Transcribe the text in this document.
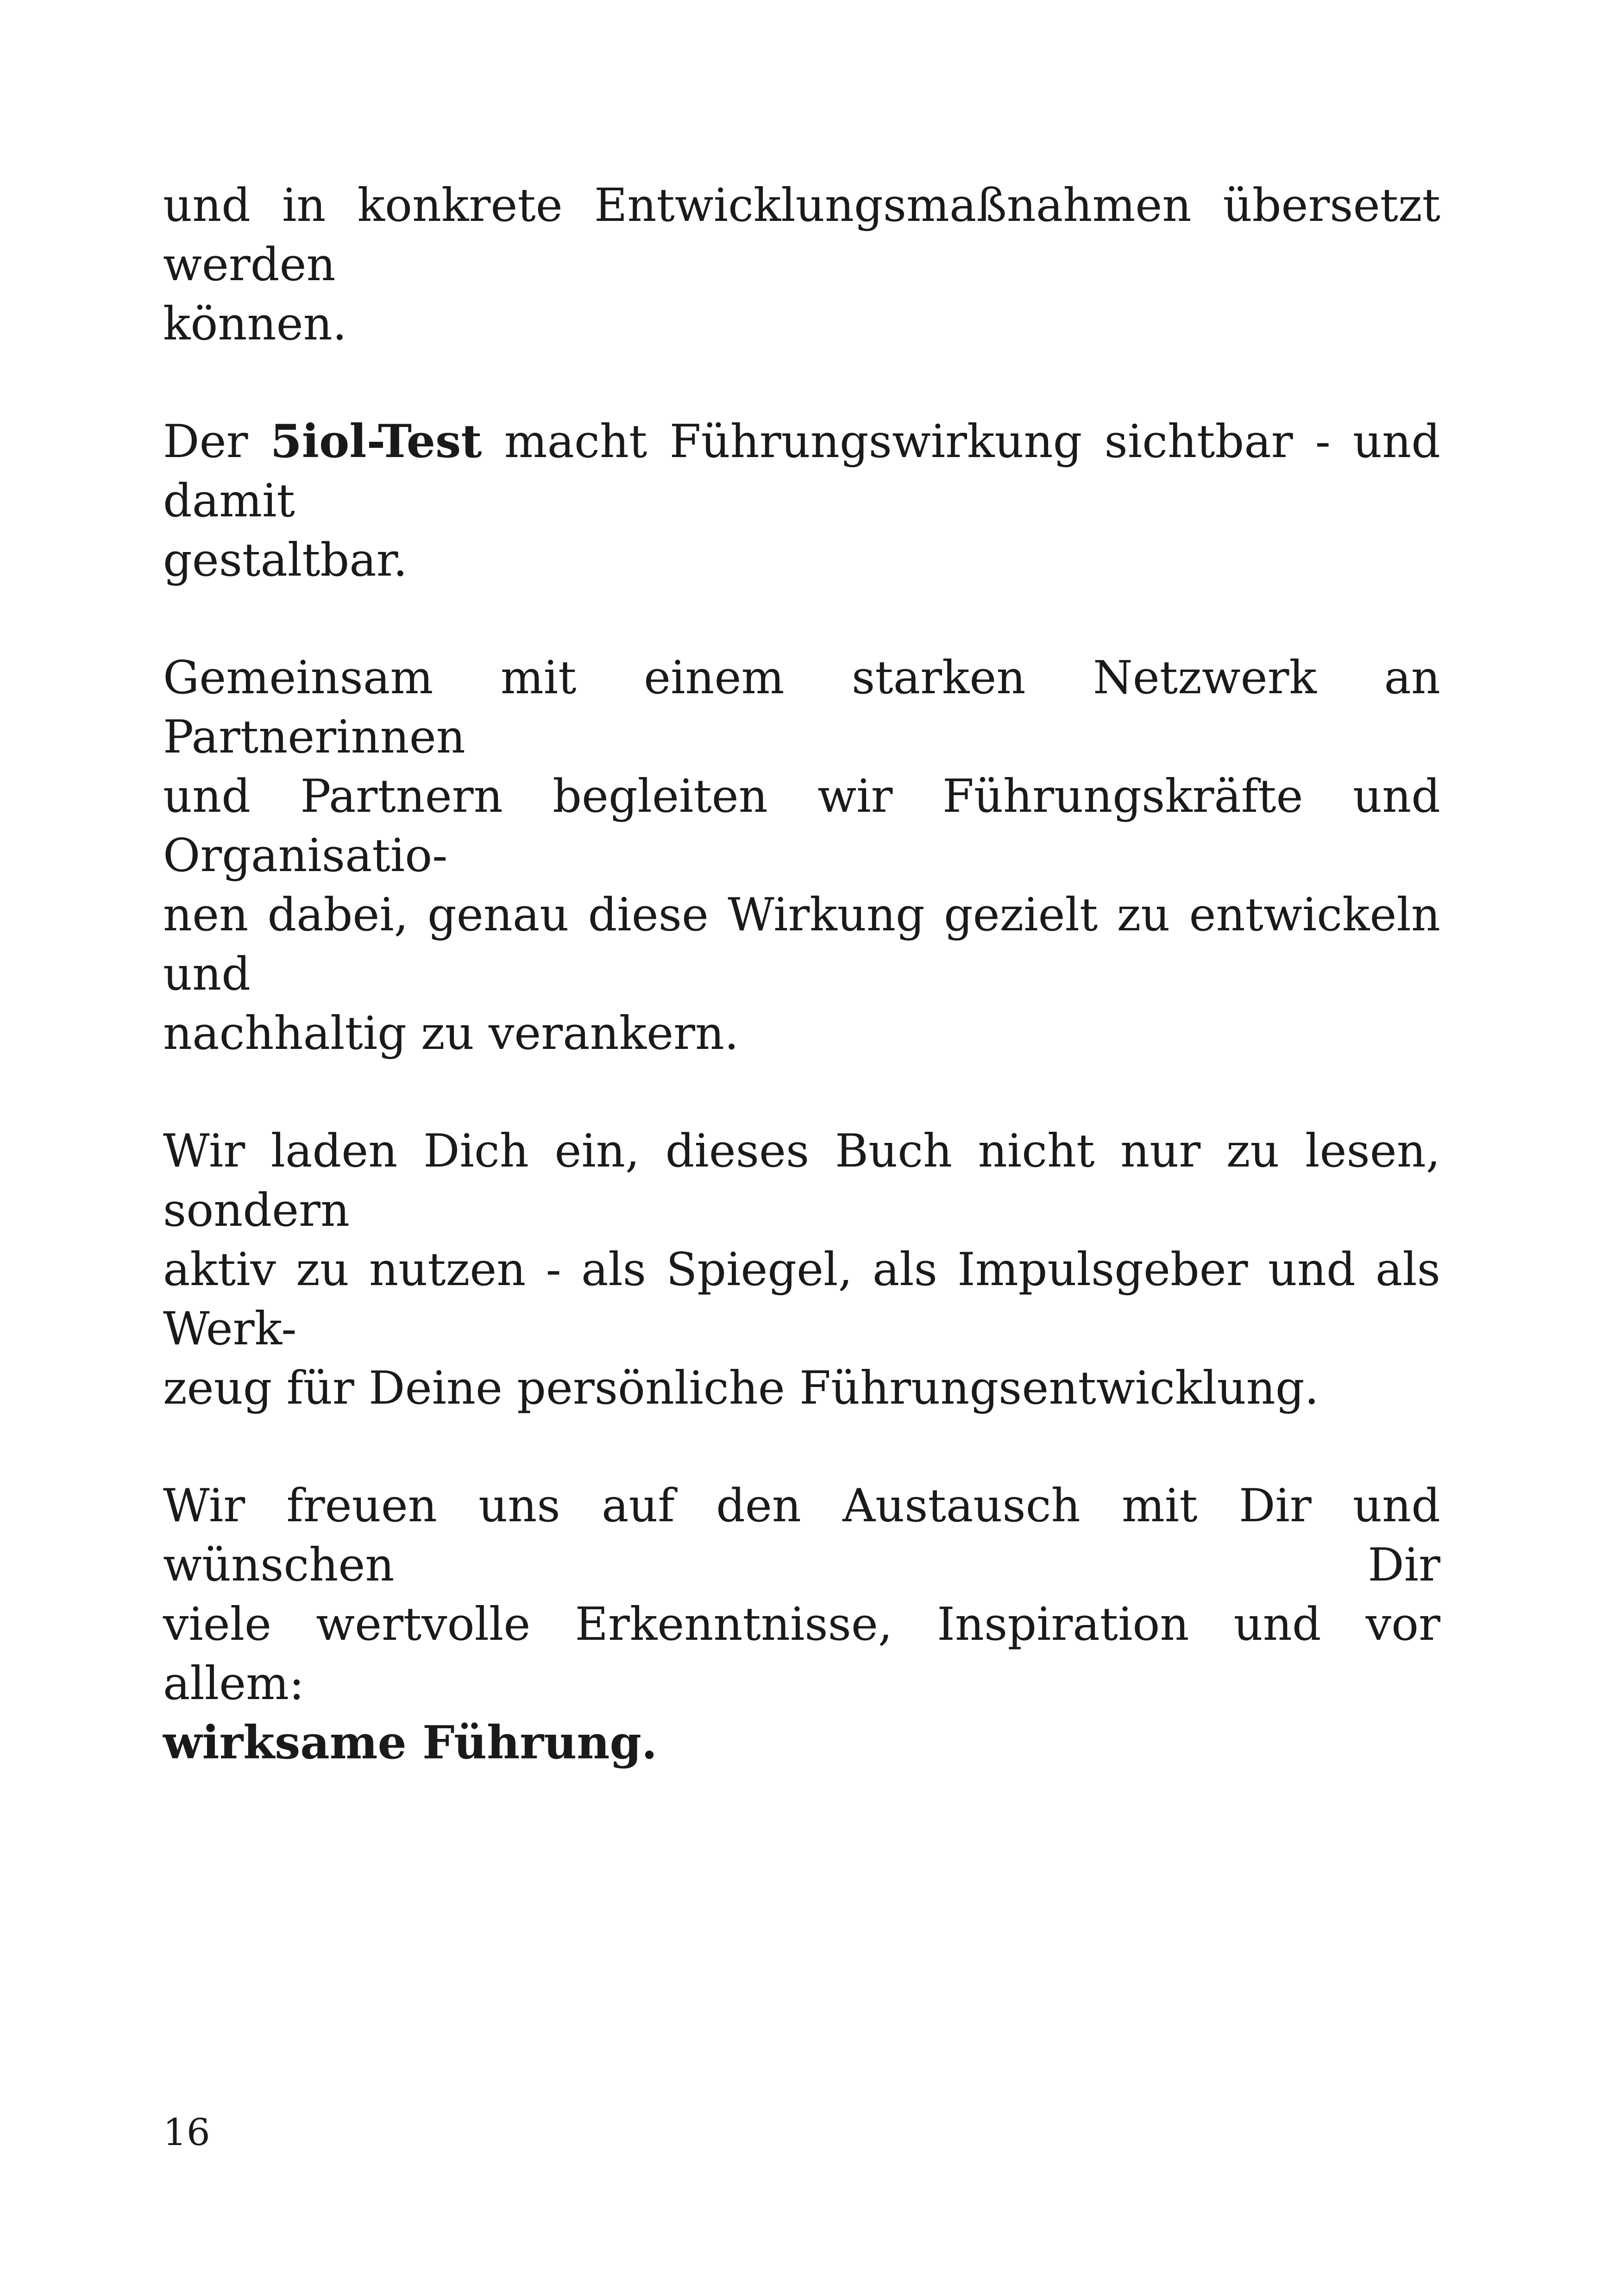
und in konkrete Entwicklungsmaßnahmen übersetzt werden
können.

Der 5iol-Test macht Führungswirkung sichtbar - und damit
gestaltbar.

Gemeinsam mit einem starken Netzwerk an Partnerinnen
und Partnern begleiten wir Führungskräfte und Organisatio-
nen dabei, genau diese Wirkung gezielt zu entwickeln und
nachhaltig zu verankern.

Wir laden Dich ein, dieses Buch nicht nur zu lesen, sondern
aktiv zu nutzen - als Spiegel, als Impulsgeber und als Werk-
zeug für Deine persönliche Führungsentwicklung.

Wir freuen uns auf den Austausch mit Dir und wünschen Dir
viele wertvolle Erkenntnisse, Inspiration und vor allem:
wirksame Führung.

16
